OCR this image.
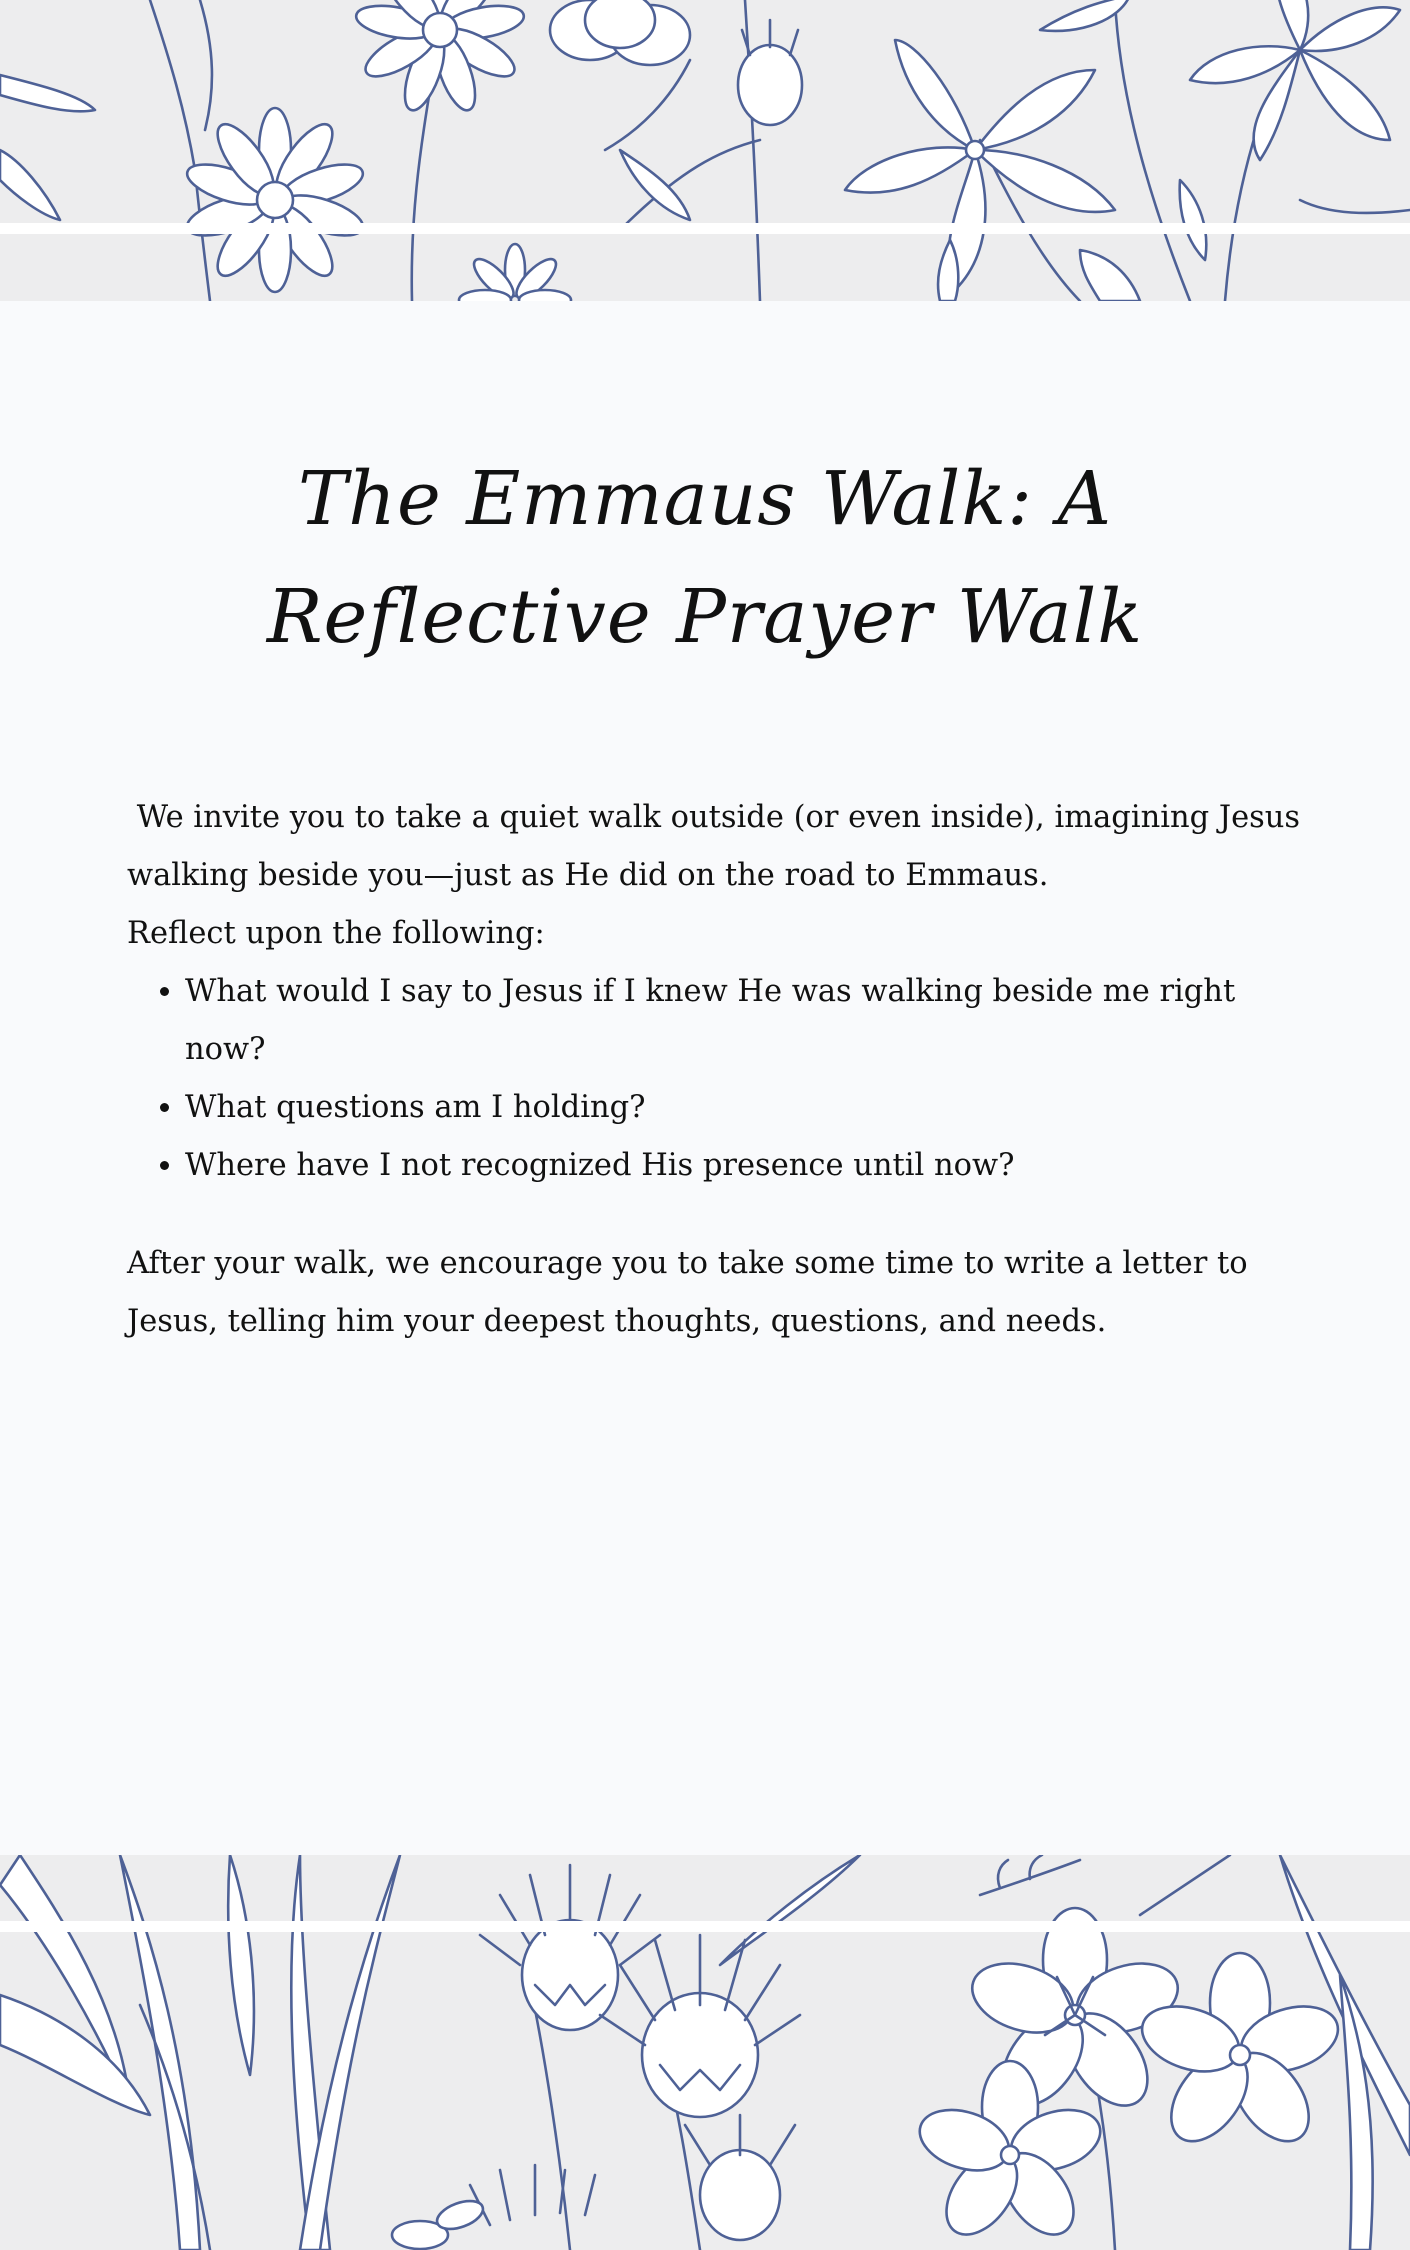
The Emmaus Walk: A
Reflective Prayer Walk

We invite you to take a quiet walk outside (or even inside), imagining Jesus walking beside you—just as He did on the road to Emmaus.

Reflect upon the following:

• What would I say to Jesus if I knew He was walking beside me right now?
• What questions am I holding?
• Where have I not recognized His presence until now?

After your walk, we encourage you to take some time to write a letter to Jesus, telling him your deepest thoughts, questions, and needs.
